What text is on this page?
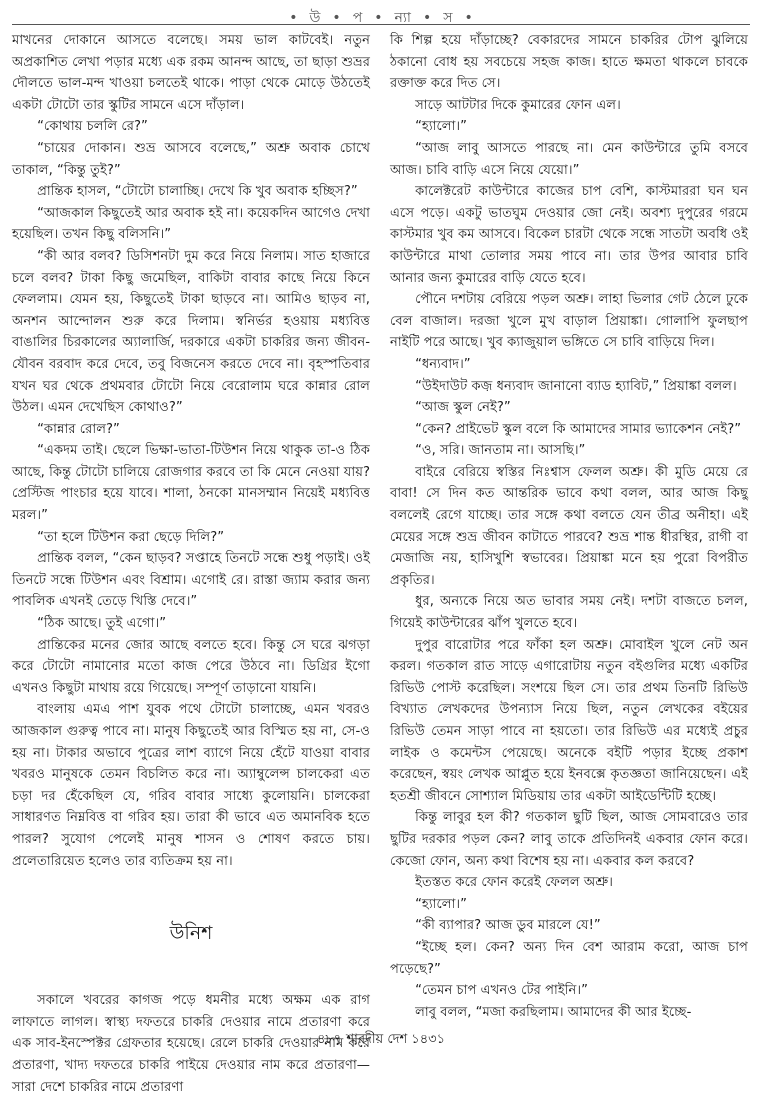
• উ • প • ন্যা • স •

মাখনের দোকানে আসতে বলেছে। সময় ভাল কাটবেই। নতুন অপ্রকাশিত লেখা পড়ার মধ্যে এক রকম আনন্দ আছে, তা ছাড়া শুভ্রর দৌলতে ভাল-মন্দ খাওয়া চলতেই থাকে। পাড়া থেকে মোড়ে উঠতেই একটা টোটো তার স্কুটির সামনে এসে দাঁড়াল।

“কোথায় চললি রে?”

“চায়ের দোকান। শুভ্র আসবে বলেছে,” অশ্রু অবাক চোখে তাকাল, “কিন্তু তুই?”

প্রান্তিক হাসল, “টোটো চালাচ্ছি। দেখে কি খুব অবাক হচ্ছিস?”

“আজকাল কিছুতেই আর অবাক হই না। কয়েকদিন আগেও দেখা হয়েছিল। তখন কিছু বলিসনি।”

“কী আর বলব? ডিসিশনটা দুম করে নিয়ে নিলাম। সাত হাজারে চলে বলব? টাকা কিছু জমেছিল, বাকিটা বাবার কাছে নিয়ে কিনে ফেললাম। যেমন হয়, কিছুতেই টাকা ছাড়বে না। আমিও ছাড়ব না, অনশন আন্দোলন শুরু করে দিলাম। স্বনির্ভর হওয়ায় মধ্যবিত্ত বাঙালির চিরকালের অ্যালার্জি, দরকারে একটা চাকরির জন্য জীবন-যৌবন বরবাদ করে দেবে, তবু বিজনেস করতে দেবে না। বৃহস্পতিবার যখন ঘর থেকে প্রথমবার টোটো নিয়ে বেরোলাম ঘরে কান্নার রোল উঠল। এমন দেখেছিস কোথাও?”

“কান্নার রোল?”

“একদম তাই। ছেলে ভিক্ষা-ভাতা-টিউশন নিয়ে থাকুক তা-ও ঠিক আছে, কিন্তু টোটো চালিয়ে রোজগার করবে তা কি মেনে নেওয়া যায়? প্রেস্টিজ পাংচার হয়ে যাবে। শালা, ঠনকো মানসম্মান নিয়েই মধ্যবিত্ত মরল।”

“তা হলে টিউশন করা ছেড়ে দিলি?”

প্রান্তিক বলল, “কেন ছাড়ব? সপ্তাহে তিনটে সন্ধে শুধু পড়াই। ওই তিনটে সন্ধে টিউশন এবং বিশ্রাম। এগোই রে। রাস্তা জ্যাম করার জন্য পাবলিক এখনই তেড়ে খিস্তি দেবে।”

“ঠিক আছে। তুই এগো।”

প্রান্তিকের মনের জোর আছে বলতে হবে। কিন্তু সে ঘরে ঝগড়া করে টোটো নামানোর মতো কাজ পেরে উঠবে না। ডিগ্রির ইগো এখনও কিছুটা মাথায় রয়ে গিয়েছে। সম্পূর্ণ তাড়ানো যায়নি।

বাংলায় এমএ পাশ যুবক পথে টোটো চালাচ্ছে, এমন খবরও আজকাল গুরুত্ব পাবে না। মানুষ কিছুতেই আর বিস্মিত হয় না, সে-ও হয় না। টাকার অভাবে পুত্রের লাশ ব্যাগে নিয়ে হেঁটে যাওয়া বাবার খবরও মানুষকে তেমন বিচলিত করে না। অ্যাম্বুলেন্স চালকেরা এত চড়া দর হেঁকেছিল যে, গরিব বাবার সাধ্যে কুলোয়নি। চালকেরা সাধারণত নিম্নবিত্ত বা গরিব হয়। তারা কী ভাবে এত অমানবিক হতে পারল? সুযোগ পেলেই মানুষ শাসন ও শোষণ করতে চায়। প্রলেতারিয়েত হলেও তার ব্যতিক্রম হয় না।

উনিশ

সকালে খবরের কাগজ পড়ে ধমনীর মধ্যে অক্ষম এক রাগ লাফাতে লাগল। স্বাস্থ্য দফতরে চাকরি দেওয়ার নামে প্রতারণা করে এক সাব-ইনস্পেক্টর গ্রেফতার হয়েছে। রেলে চাকরি দেওয়ার নাম করে প্রতারণা, খাদ্য দফতরে চাকরি পাইয়ে দেওয়ার নাম করে প্রতারণা—সারা দেশে চাকরির নামে প্রতারণা

কি শিল্প হয়ে দাঁড়াচ্ছে? বেকারদের সামনে চাকরির টোপ ঝুলিয়ে ঠকানো বোধ হয় সবচেয়ে সহজ কাজ। হাতে ক্ষমতা থাকলে চাবকে রক্তাক্ত করে দিত সে।

সাড়ে আটটার দিকে কুমারের ফোন এল।

“হ্যালো।”

“আজ লাবু আসতে পারছে না। মেন কাউন্টারে তুমি বসবে আজ। চাবি বাড়ি এসে নিয়ে যেয়ো।”

কালেক্টরেট কাউন্টারে কাজের চাপ বেশি, কাস্টমাররা ঘন ঘন এসে পড়ে। একটু ভাতঘুম দেওয়ার জো নেই। অবশ্য দুপুরের গরমে কাস্টমার খুব কম আসবে। বিকেল চারটা থেকে সন্ধে সাতটা অবধি ওই কাউন্টারে মাথা তোলার সময় পাবে না। তার উপর আবার চাবি আনার জন্য কুমারের বাড়ি যেতে হবে।

পৌনে দশটায় বেরিয়ে পড়ল অশ্রু। লাহা ভিলার গেট ঠেলে ঢুকে বেল বাজাল। দরজা খুলে মুখ বাড়াল প্রিয়াঙ্কা। গোলাপি ফুলছাপ নাইটি পরে আছে। খুব ক্যাজুয়াল ভঙ্গিতে সে চাবি বাড়িয়ে দিল।

“ধন্যবাদ।”

“উইদাউট কজ় ধন্যবাদ জানানো ব্যাড হ্যাবিট,” প্রিয়াঙ্কা বলল।

“আজ স্কুল নেই?”

“কেন? প্রাইভেট স্কুল বলে কি আমাদের সামার ভ্যাকেশন নেই?”

“ও, সরি। জানতাম না। আসছি।”

বাইরে বেরিয়ে স্বস্তির নিঃশ্বাস ফেলল অশ্রু। কী মুডি মেয়ে রে বাবা! সে দিন কত আন্তরিক ভাবে কথা বলল, আর আজ কিছু বললেই রেগে যাচ্ছে। তার সঙ্গে কথা বলতে যেন তীব্র অনীহা। এই মেয়ের সঙ্গে শুভ্র জীবন কাটাতে পারবে? শুভ্র শান্ত ধীরস্থির, রাগী বা মেজাজি নয়, হাসিখুশি স্বভাবের। প্রিয়াঙ্কা মনে হয় পুরো বিপরীত প্রকৃতির।

ধুর, অন্যকে নিয়ে অত ভাবার সময় নেই। দশটা বাজতে চলল, গিয়েই কাউন্টারের ঝাঁপ খুলতে হবে।

দুপুর বারোটার পরে ফাঁকা হল অশ্রু। মোবাইল খুলে নেট অন করল। গতকাল রাত সাড়ে এগারোটায় নতুন বইগুলির মধ্যে একটির রিভিউ পোস্ট করেছিল। সংশয়ে ছিল সে। তার প্রথম তিনটি রিভিউ বিখ্যাত লেখকদের উপন্যাস নিয়ে ছিল, নতুন লেখকের বইয়ের রিভিউ তেমন সাড়া পাবে না হয়তো। তার রিভিউ এর মধ্যেই প্রচুর লাইক ও কমেন্টস পেয়েছে। অনেকে বইটি পড়ার ইচ্ছে প্রকাশ করেছেন, স্বয়ং লেখক আপ্লুত হয়ে ইনবক্সে কৃতজ্ঞতা জানিয়েছেন। এই হতশ্রী জীবনে সোশ্যাল মিডিয়ায় তার একটা আইডেন্টিটি হচ্ছে।

কিন্তু লাবুর হল কী? গতকাল ছুটি ছিল, আজ সোমবারেও তার ছুটির দরকার পড়ল কেন? লাবু তাকে প্রতিদিনই একবার ফোন করে। কেজো ফোন, অন্য কথা বিশেষ হয় না। একবার কল করবে?

ইতস্তত করে ফোন করেই ফেলল অশ্রু।

“হ্যালো।”

“কী ব্যাপার? আজ ডুব মারলে যে!”

“ইচ্ছে হল। কেন? অন্য দিন বেশ আরাম করো, আজ চাপ পড়েছে?”

“তেমন চাপ এখনও টের পাইনি।”

লাবু বলল, “মজা করছিলাম। আমাদের কী আর ইচ্ছে-

৪৮৭ শারদীয় দেশ ১৪৩১
